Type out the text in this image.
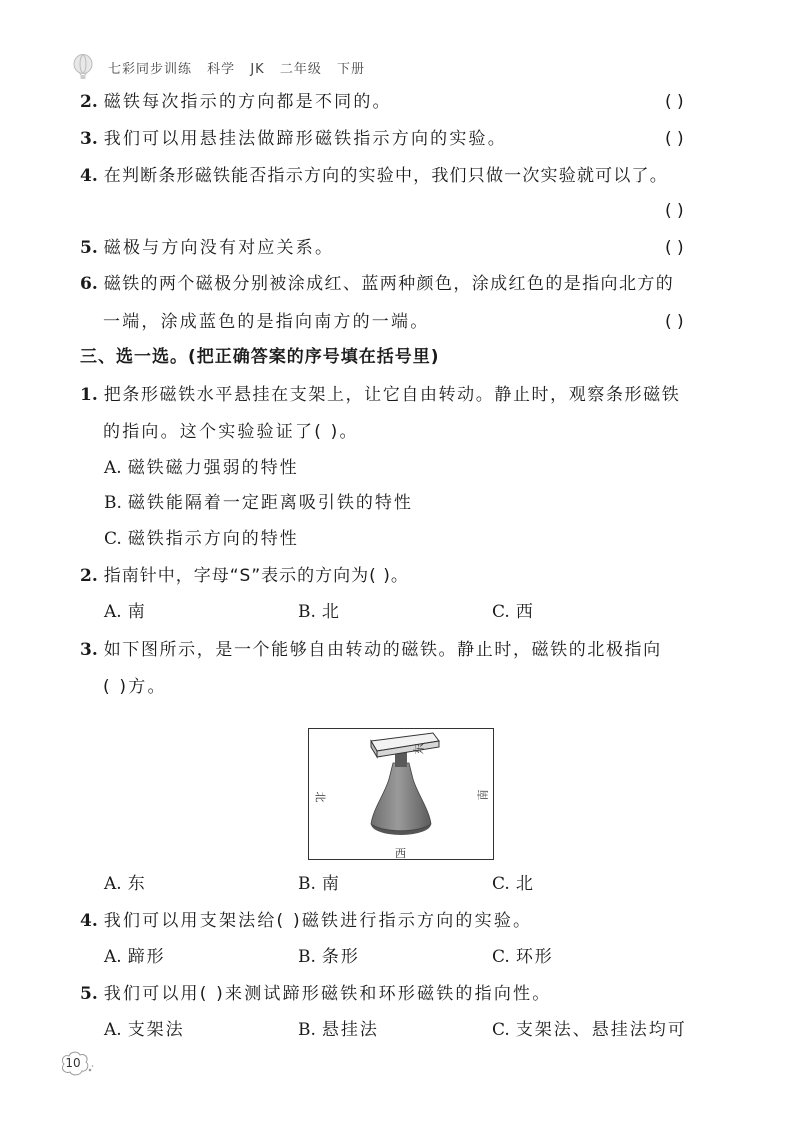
七彩同步训练 科学 JK 二年级 下册
2. 磁铁每次指示的方向都是不同的。	( )
3. 我们可以用悬挂法做蹄形磁铁指示方向的实验。	( )
4. 在判断条形磁铁能否指示方向的实验中，我们只做一次实验就可以了。
( )
5. 磁极与方向没有对应关系。	( )
6. 磁铁的两个磁极分别被涂成红、蓝两种颜色，涂成红色的是指向北方的
一端，涂成蓝色的是指向南方的一端。	( )
三、选一选。(把正确答案的序号填在括号里)
1. 把条形磁铁水平悬挂在支架上，让它自由转动。静止时，观察条形磁铁
的指向。这个实验验证了( )。
A. 磁铁磁力强弱的特性
B. 磁铁能隔着一定距离吸引铁的特性
C. 磁铁指示方向的特性
2. 指南针中，字母“S”表示的方向为( )。
A. 南	B. 北	C. 西
3. 如下图所示，是一个能够自由转动的磁铁。静止时，磁铁的北极指向
( )方。
东
北	南
西
A. 东	B. 南	C. 北
4. 我们可以用支架法给( )磁铁进行指示方向的实验。
A. 蹄形	B. 条形	C. 环形
5. 我们可以用( )来测试蹄形磁铁和环形磁铁的指向性。
A. 支架法	B. 悬挂法	C. 支架法、悬挂法均可
10
